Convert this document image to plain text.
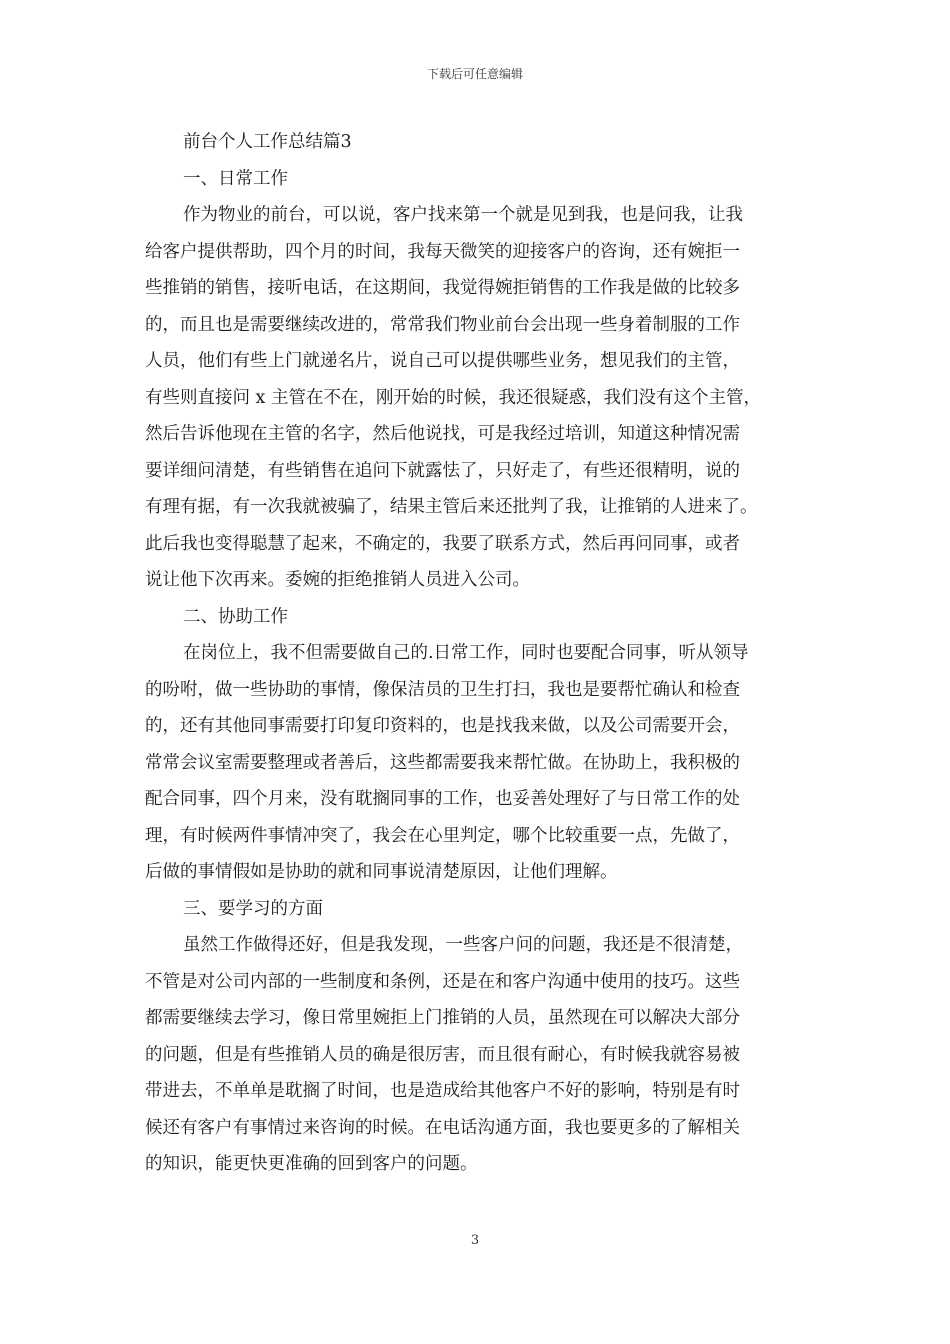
下载后可任意编辑
前台个人工作总结篇3
一、日常工作
作为物业的前台，可以说，客户找来第一个就是见到我，也是问我，让我
给客户提供帮助，四个月的时间，我每天微笑的迎接客户的咨询，还有婉拒一
些推销的销售，接听电话，在这期间，我觉得婉拒销售的工作我是做的比较多
的，而且也是需要继续改进的，常常我们物业前台会出现一些身着制服的工作
人员，他们有些上门就递名片，说自己可以提供哪些业务，想见我们的主管，
有些则直接问 x 主管在不在，刚开始的时候，我还很疑惑，我们没有这个主管，
然后告诉他现在主管的名字，然后他说找，可是我经过培训，知道这种情况需
要详细问清楚，有些销售在追问下就露怯了，只好走了，有些还很精明，说的
有理有据，有一次我就被骗了，结果主管后来还批判了我，让推销的人进来了。
此后我也变得聪慧了起来，不确定的，我要了联系方式，然后再问同事，或者
说让他下次再来。委婉的拒绝推销人员进入公司。
二、协助工作
在岗位上，我不但需要做自己的.日常工作，同时也要配合同事，听从领导
的吩咐，做一些协助的事情，像保洁员的卫生打扫，我也是要帮忙确认和检查
的，还有其他同事需要打印复印资料的，也是找我来做，以及公司需要开会，
常常会议室需要整理或者善后，这些都需要我来帮忙做。在协助上，我积极的
配合同事，四个月来，没有耽搁同事的工作，也妥善处理好了与日常工作的处
理，有时候两件事情冲突了，我会在心里判定，哪个比较重要一点，先做了，
后做的事情假如是协助的就和同事说清楚原因，让他们理解。
三、要学习的方面
虽然工作做得还好，但是我发现，一些客户问的问题，我还是不很清楚，
不管是对公司内部的一些制度和条例，还是在和客户沟通中使用的技巧。这些
都需要继续去学习，像日常里婉拒上门推销的人员，虽然现在可以解决大部分
的问题，但是有些推销人员的确是很厉害，而且很有耐心，有时候我就容易被
带进去，不单单是耽搁了时间，也是造成给其他客户不好的影响，特别是有时
候还有客户有事情过来咨询的时候。在电话沟通方面，我也要更多的了解相关
的知识，能更快更准确的回到客户的问题。
3
